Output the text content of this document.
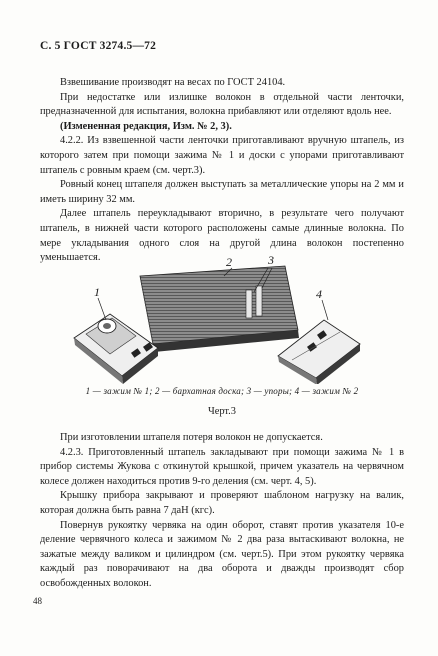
С. 5 ГОСТ 3274.5—72

Взвешивание производят на весах по ГОСТ 24104.

При недостатке или излишке волокон в отдельной части ленточки, предназначенной для испытания, волокна прибавляют или отделяют вдоль нее.

(Измененная редакция, Изм. № 2, 3).

4.2.2. Из взвешенной части ленточки приготавливают вручную штапель, из которого затем при помощи зажима № 1 и доски с упорами приготавливают штапель с ровным краем (см. черт.3).

Ровный конец штапеля должен выступать за металлические упоры на 2 мм и иметь ширину 32 мм.

Далее штапель переукладывают вторично, в результате чего получают штапель, в нижней части которого расположены самые длинные волокна. По мере укладывания одного слоя на другой длина волокон постепенно уменьшается.

1
2	3
4
1 — зажим № 1; 2 — бархатная доска; 3 — упоры; 4 — зажим № 2
Черт.3

При изготовлении штапеля потеря волокон не допускается.

4.2.3. Приготовленный штапель закладывают при помощи зажима № 1 в прибор системы Жукова с откинутой крышкой, причем указатель на червячном колесе должен находиться против 9-го деления (см. черт. 4, 5).

Крышку прибора закрывают и проверяют шаблоном нагрузку на валик, которая должна быть равна 7 даН (кгс).

Повернув рукоятку червяка на один оборот, ставят против указателя 10-е деление червячного колеса и зажимом № 2 два раза вытаскивают волокна, не зажатые между валиком и цилиндром (см. черт.5). При этом рукоятку червяка каждый раз поворачивают на два оборота и дважды производят сбор освобожденных волокон.

48
